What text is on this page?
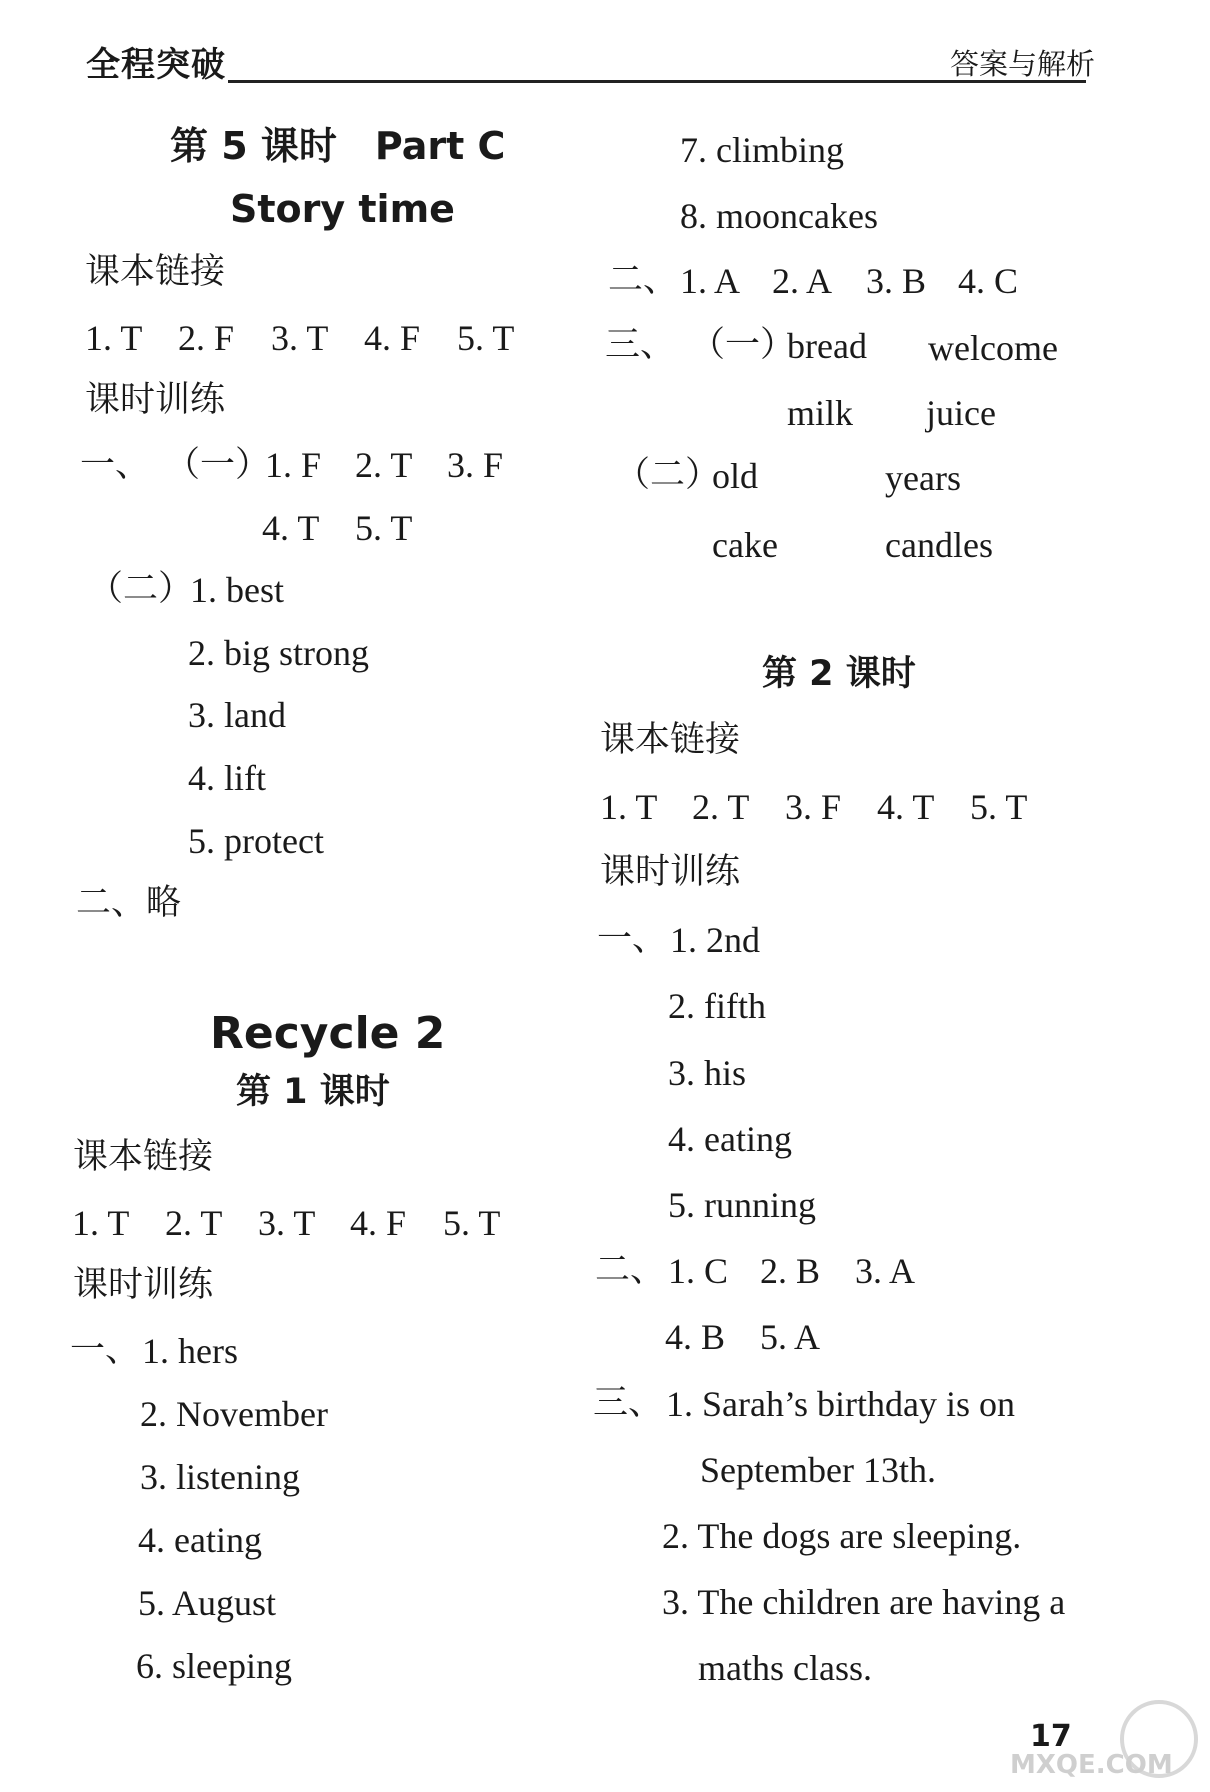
全程突破	答案与解析
第 5 课时　Part C
Story time
课本链接
1. T 2. F 3. T 4. F 5. T
课时训练
一、 （一）
1. F 2. T 3. F
4. T 5. T
（二）
1. best
2. big strong
3. land
4. lift
5. protect
二、略
Recycle 2
第 1 课时
课本链接
1. T 2. T 3. T 4. F 5. T
课时训练
一、 1. hers
2. November
3. listening
4. eating
5. August
6. sleeping
7. climbing
8. mooncakes
二、 1. A 2. A 3. B 4. C
三、 （一）
bread welcome
milk juice
（二）
old	years
cake	candles
第 2 课时
课本链接
1. T 2. T 3. F 4. T 5. T
课时训练
一、 1. 2nd
2. fifth
3. his
4. eating
5. running
二、 1. C 2. B 3. A
4. B 5. A
三、 1. Sarah’s birthday is on
September 13th.
2. The dogs are sleeping.
3. The children are having a
maths class.
17
MXQE.COM
